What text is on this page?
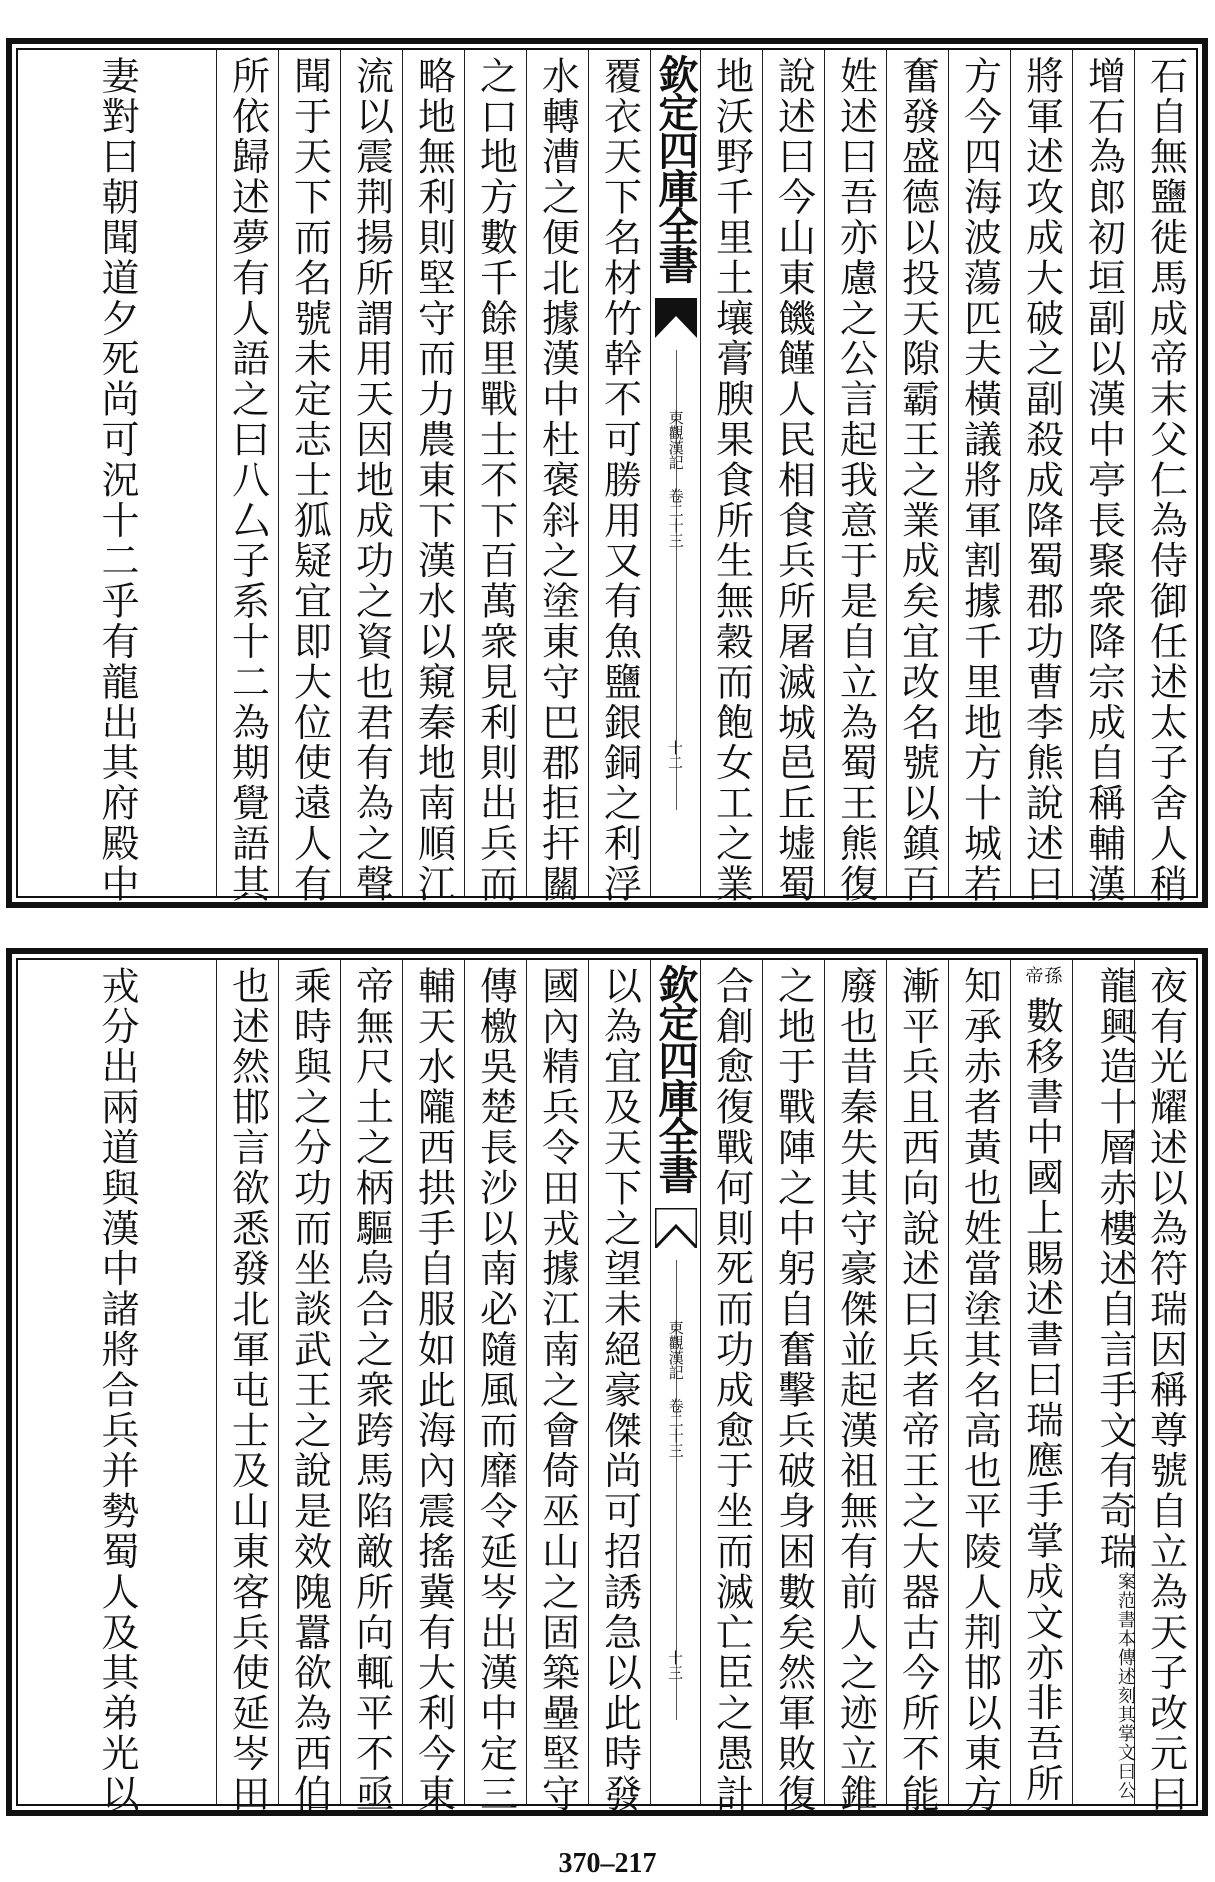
石自無鹽徙馬成帝末父仁為侍御任述太子舍人稍
增石為郎初垣副以漢中亭長聚衆降宗成自稱輔漢
將軍述攻成大破之副殺成降蜀郡功曹李熊說述曰
方今四海波蕩匹夫橫議將軍割據千里地方十城若
奮發盛德以投天隙霸王之業成矣宜改名號以鎮百
姓述曰吾亦慮之公言起我意于是自立為蜀王熊復
說述曰今山東饑饉人民相食兵所屠滅城邑丘墟蜀
地沃野千里土壤膏腴果食所生無穀而飽女工之業
欽定四庫全書
東觀漢記 卷二十三
十二
覆衣天下名材竹幹不可勝用又有魚鹽銀銅之利浮
水轉漕之便北據漢中杜褒斜之塗東守巴郡拒扞關
之口地方數千餘里戰士不下百萬衆見利則出兵而
略地無利則堅守而力農東下漢水以窺秦地南順江
流以震荆揚所謂用天因地成功之資也君有為之聲
聞于天下而名號未定志士狐疑宜即大位使遠人有
所依歸述夢有人語之曰八厶子系十二為期覺語其
妻對曰朝聞道夕死尚可況十二乎有龍出其府殿中
夜有光耀述以為符瑞因稱尊號自立為天子改元曰
龍興造十層赤樓述自言手文有奇瑞
案范書本傳述刻其掌文曰公
孫帝
數移書中國上賜述書曰瑞應手掌成文亦非吾所
知承赤者黃也姓當塗其名高也平陵人荆邯以東方
漸平兵且西向說述曰兵者帝王之大器古今所不能
廢也昔秦失其守豪傑並起漢祖無有前人之迹立錐
之地于戰陣之中躬自奮擊兵破身困數矣然軍敗復
合創愈復戰何則死而功成愈于坐而滅亡臣之愚計
欽定四庫全書
東觀漢記 卷二十三
十三
以為宜及天下之望未絕豪傑尚可招誘急以此時發
國內精兵令田戎據江南之會倚巫山之固築壘堅守
傳檄吳楚長沙以南必隨風而靡令延岑出漢中定三
輔天水隴西拱手自服如此海內震搖冀有大利今東
帝無尺土之柄驅烏合之衆跨馬陷敵所向輒平不亟
乘時與之分功而坐談武王之說是效隗囂欲為西伯
也述然邯言欲悉發北軍屯士及山東客兵使延岑田
戎分出兩道與漢中諸將合兵并勢蜀人及其弟光以
370–217
